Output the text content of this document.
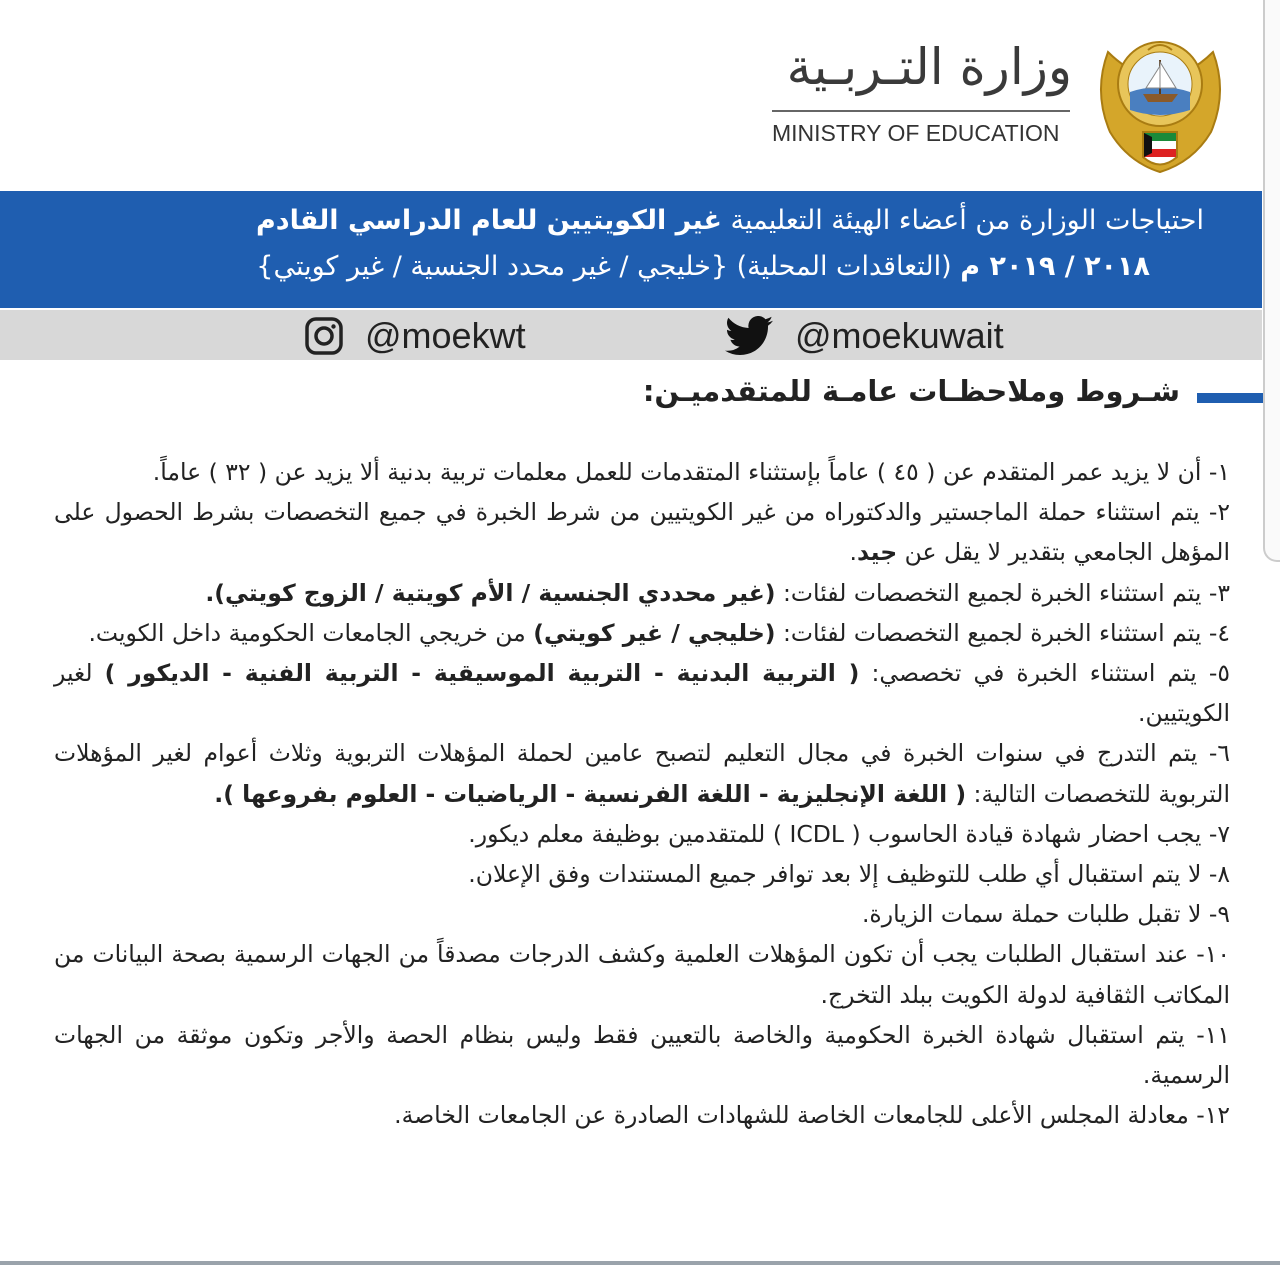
وزارة التـربـية
MINISTRY OF EDUCATION
احتياجات الوزارة من أعضاء الهيئة التعليمية غير الكويتيين للعام الدراسي القادم
٢٠١٨ / ٢٠١٩ م (التعاقدات المحلية) {خليجي / غير محدد الجنسية / غير كويتي}
@moekwt	@moekuwait
شـروط وملاحظـات عامـة للمتقدميـن:

١- أن لا يزيد عمر المتقدم عن ( ٤٥ ) عاماً بإستثناء المتقدمات للعمل معلمات تربية بدنية ألا يزيد عن ( ٣٢ ) عاماً.

٢- يتم استثناء حملة الماجستير والدكتوراه من غير الكويتيين من شرط الخبرة في جميع التخصصات بشرط الحصول على المؤهل الجامعي بتقدير لا يقل عن جيد.

٣- يتم استثناء الخبرة لجميع التخصصات لفئات: (غير محددي الجنسية / الأم كويتية / الزوج كويتي).

٤- يتم استثناء الخبرة لجميع التخصصات لفئات: (خليجي / غير كويتي) من خريجي الجامعات الحكومية داخل الكويت.

٥- يتم استثناء الخبرة في تخصصي: ( التربية البدنية - التربية الموسيقية - التربية الفنية - الديكور ) لغير الكويتيين.

٦- يتم التدرج في سنوات الخبرة في مجال التعليم لتصبح عامين لحملة المؤهلات التربوية وثلاث أعوام لغير المؤهلات التربوية للتخصصات التالية: ( اللغة الإنجليزية - اللغة الفرنسية - الرياضيات - العلوم بفروعها ).

٧- يجب احضار شهادة قيادة الحاسوب ( ICDL ) للمتقدمين بوظيفة معلم ديكور.

٨- لا يتم استقبال أي طلب للتوظيف إلا بعد توافر جميع المستندات وفق الإعلان.

٩- لا تقبل طلبات حملة سمات الزيارة.

١٠- عند استقبال الطلبات يجب أن تكون المؤهلات العلمية وكشف الدرجات مصدقاً من الجهات الرسمية بصحة البيانات من المكاتب الثقافية لدولة الكويت ببلد التخرج.

١١- يتم استقبال شهادة الخبرة الحكومية والخاصة بالتعيين فقط وليس بنظام الحصة والأجر وتكون موثقة من الجهات الرسمية.

١٢- معادلة المجلس الأعلى للجامعات الخاصة للشهادات الصادرة عن الجامعات الخاصة.
